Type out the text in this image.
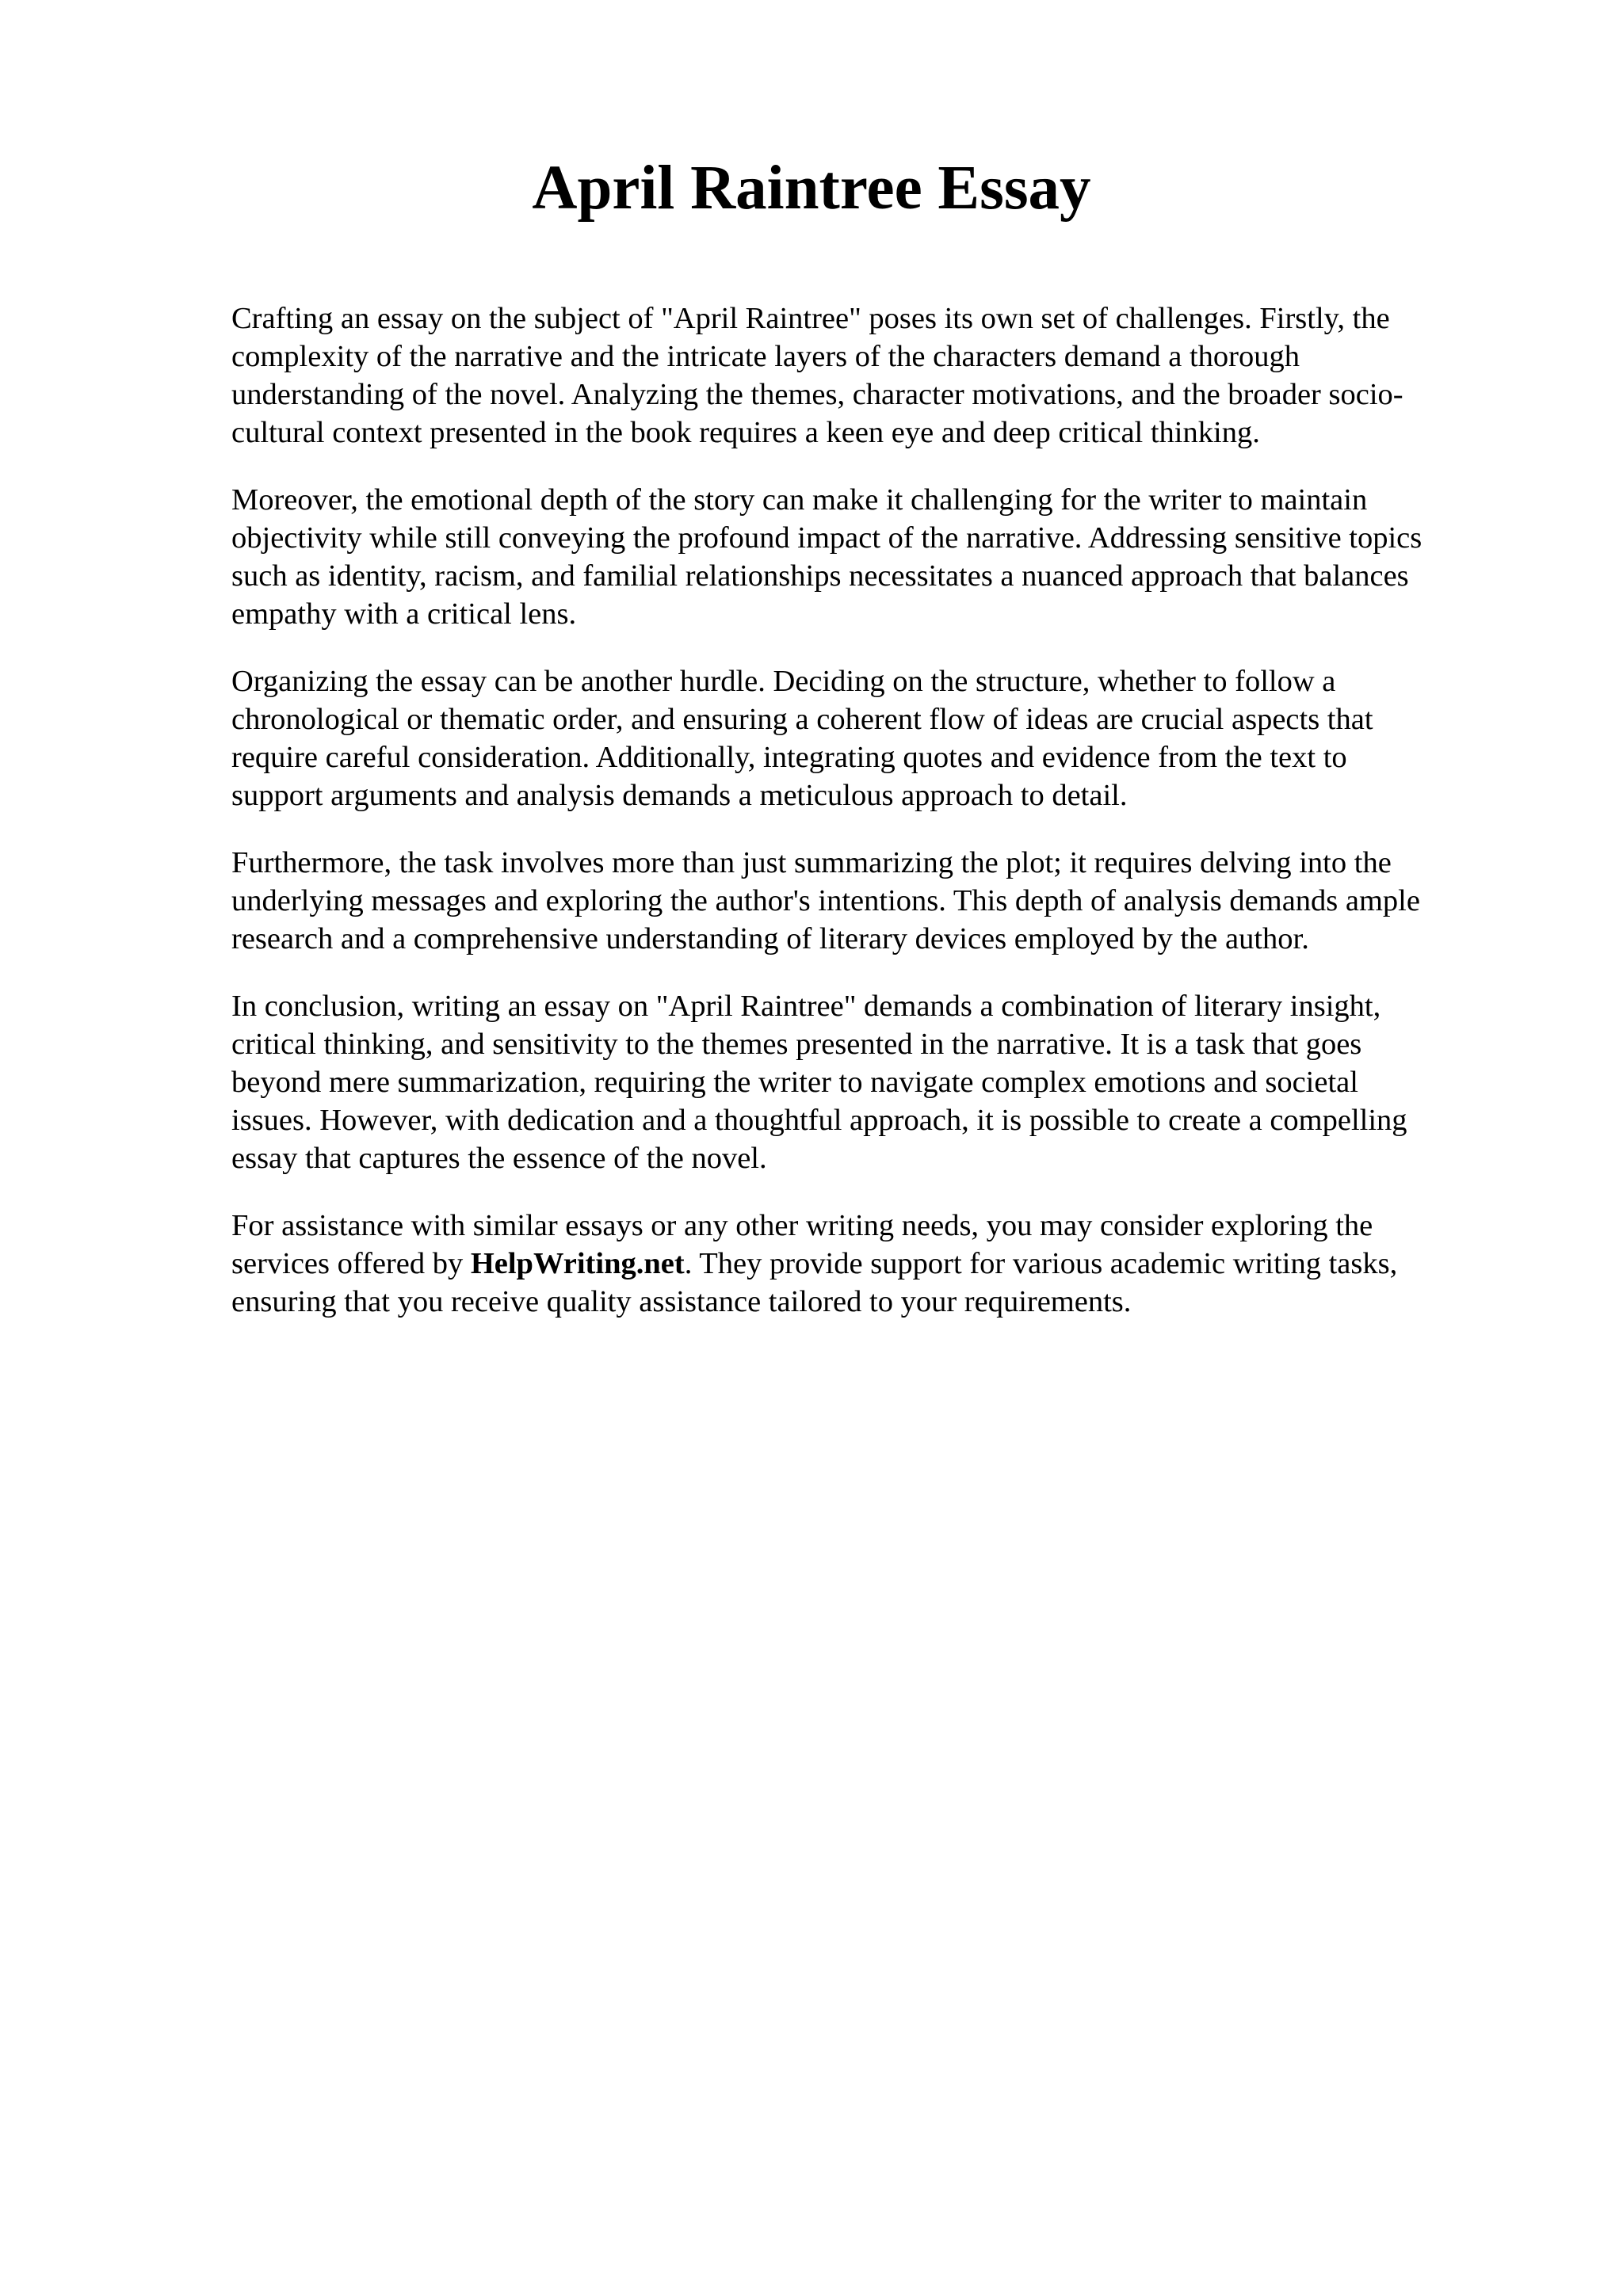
April Raintree Essay

Crafting an essay on the subject of "April Raintree" poses its own set of challenges. Firstly, the
complexity of the narrative and the intricate layers of the characters demand a thorough
understanding of the novel. Analyzing the themes, character motivations, and the broader socio-
cultural context presented in the book requires a keen eye and deep critical thinking.

Moreover, the emotional depth of the story can make it challenging for the writer to maintain
objectivity while still conveying the profound impact of the narrative. Addressing sensitive topics
such as identity, racism, and familial relationships necessitates a nuanced approach that balances
empathy with a critical lens.

Organizing the essay can be another hurdle. Deciding on the structure, whether to follow a
chronological or thematic order, and ensuring a coherent flow of ideas are crucial aspects that
require careful consideration. Additionally, integrating quotes and evidence from the text to
support arguments and analysis demands a meticulous approach to detail.

Furthermore, the task involves more than just summarizing the plot; it requires delving into the
underlying messages and exploring the author's intentions. This depth of analysis demands ample
research and a comprehensive understanding of literary devices employed by the author.

In conclusion, writing an essay on "April Raintree" demands a combination of literary insight,
critical thinking, and sensitivity to the themes presented in the narrative. It is a task that goes
beyond mere summarization, requiring the writer to navigate complex emotions and societal
issues. However, with dedication and a thoughtful approach, it is possible to create a compelling
essay that captures the essence of the novel.

For assistance with similar essays or any other writing needs, you may consider exploring the
services offered by HelpWriting.net. They provide support for various academic writing tasks,
ensuring that you receive quality assistance tailored to your requirements.
